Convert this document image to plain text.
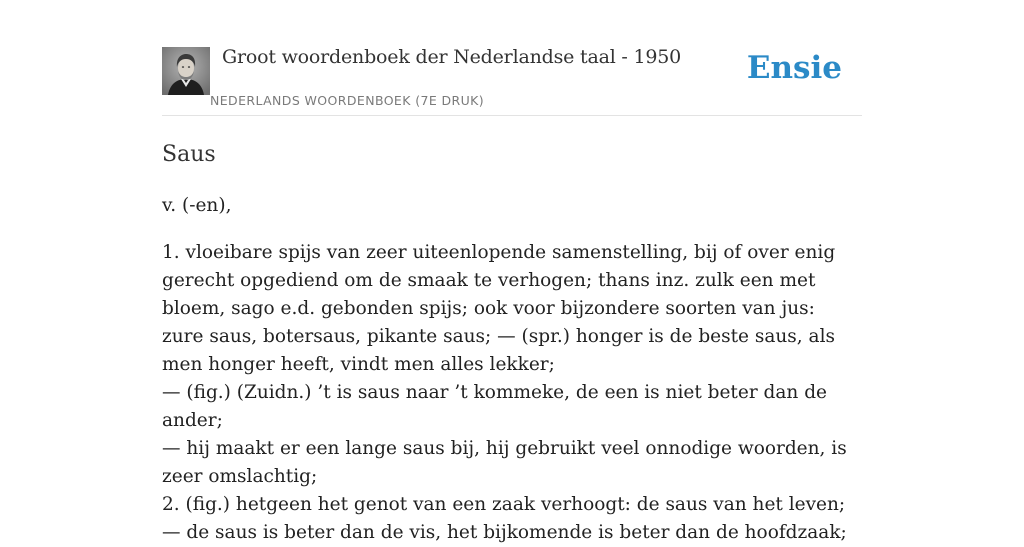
Groot woordenboek der Nederlandse taal - 1950
NEDERLANDS WOORDENBOEK (7E DRUK)
Ensie
Saus

v. (-en),

1. vloeibare spijs van zeer uiteenlopende samenstelling, bij of over enig gerecht opgediend om de smaak te verhogen; thans inz. zulk een met bloem, sago e.d. gebonden spijs; ook voor bijzondere soorten van jus: zure saus, botersaus, pikante saus; — (spr.) honger is de beste saus, als men honger heeft, vindt men alles lekker;
— (fig.) (Zuidn.) ’t is saus naar ’t kommeke, de een is niet beter dan de ander;
— hij maakt er een lange saus bij, hij gebruikt veel onnodige woorden, is zeer omslachtig;
2. (fig.) hetgeen het genot van een zaak verhoogt: de saus van het leven;
— de saus is beter dan de vis, het bijkomende is beter dan de hoofdzaak;
